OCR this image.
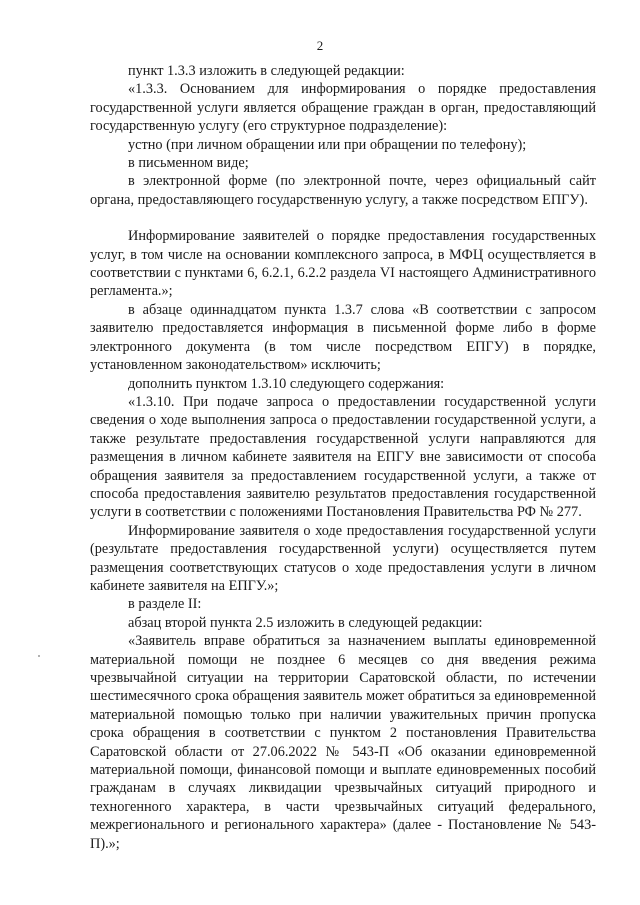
2

пункт 1.3.3 изложить в следующей редакции:

«1.3.3. Основанием для информирования о порядке предоставления государственной услуги является обращение граждан в орган, предоставляющий государственную услугу (его структурное подразделение):

устно (при личном обращении или при обращении по телефону);

в письменном виде;

в электронной форме (по электронной почте, через официальный сайт органа, предоставляющего государственную услугу, а также посредством ЕПГУ).

Информирование заявителей о порядке предоставления государственных услуг, в том числе на основании комплексного запроса, в МФЦ осуществляется в соответствии с пунктами 6, 6.2.1, 6.2.2 раздела VI настоящего Административного регламента.»;

в абзаце одиннадцатом пункта 1.3.7 слова «В соответствии с запросом заявителю предоставляется информация в письменной форме либо в форме электронного документа (в том числе посредством ЕПГУ) в порядке, установленном законодательством» исключить;

дополнить пунктом 1.3.10 следующего содержания:

«1.3.10. При подаче запроса о предоставлении государственной услуги сведения о ходе выполнения запроса о предоставлении государственной услуги, а также результате предоставления государственной услуги направляются для размещения в личном кабинете заявителя на ЕПГУ вне зависимости от способа обращения заявителя за предоставлением государственной услуги, а также от способа предоставления заявителю результатов предоставления государственной услуги в соответствии с положениями Постановления Правительства РФ № 277.

Информирование заявителя о ходе предоставления государственной услуги (результате предоставления государственной услуги) осуществляется путем размещения соответствующих статусов о ходе предоставления услуги в личном кабинете заявителя на ЕПГУ.»;

в разделе II:

абзац второй пункта 2.5 изложить в следующей редакции:

«Заявитель вправе обратиться за назначением выплаты единовременной материальной помощи не позднее 6 месяцев со дня введения режима чрезвычайной ситуации на территории Саратовской области, по истечении шестимесячного срока обращения заявитель может обратиться за единовременной материальной помощью только при наличии уважительных причин пропуска срока обращения в соответствии с пунктом 2 постановления Правительства Саратовской области от 27.06.2022 № 543-П «Об оказании единовременной материальной помощи, финансовой помощи и выплате единовременных пособий гражданам в случаях ликвидации чрезвычайных ситуаций природного и техногенного характера, в части чрезвычайных ситуаций федерального, межрегионального и регионального характера» (далее - Постановление № 543-П).»;
